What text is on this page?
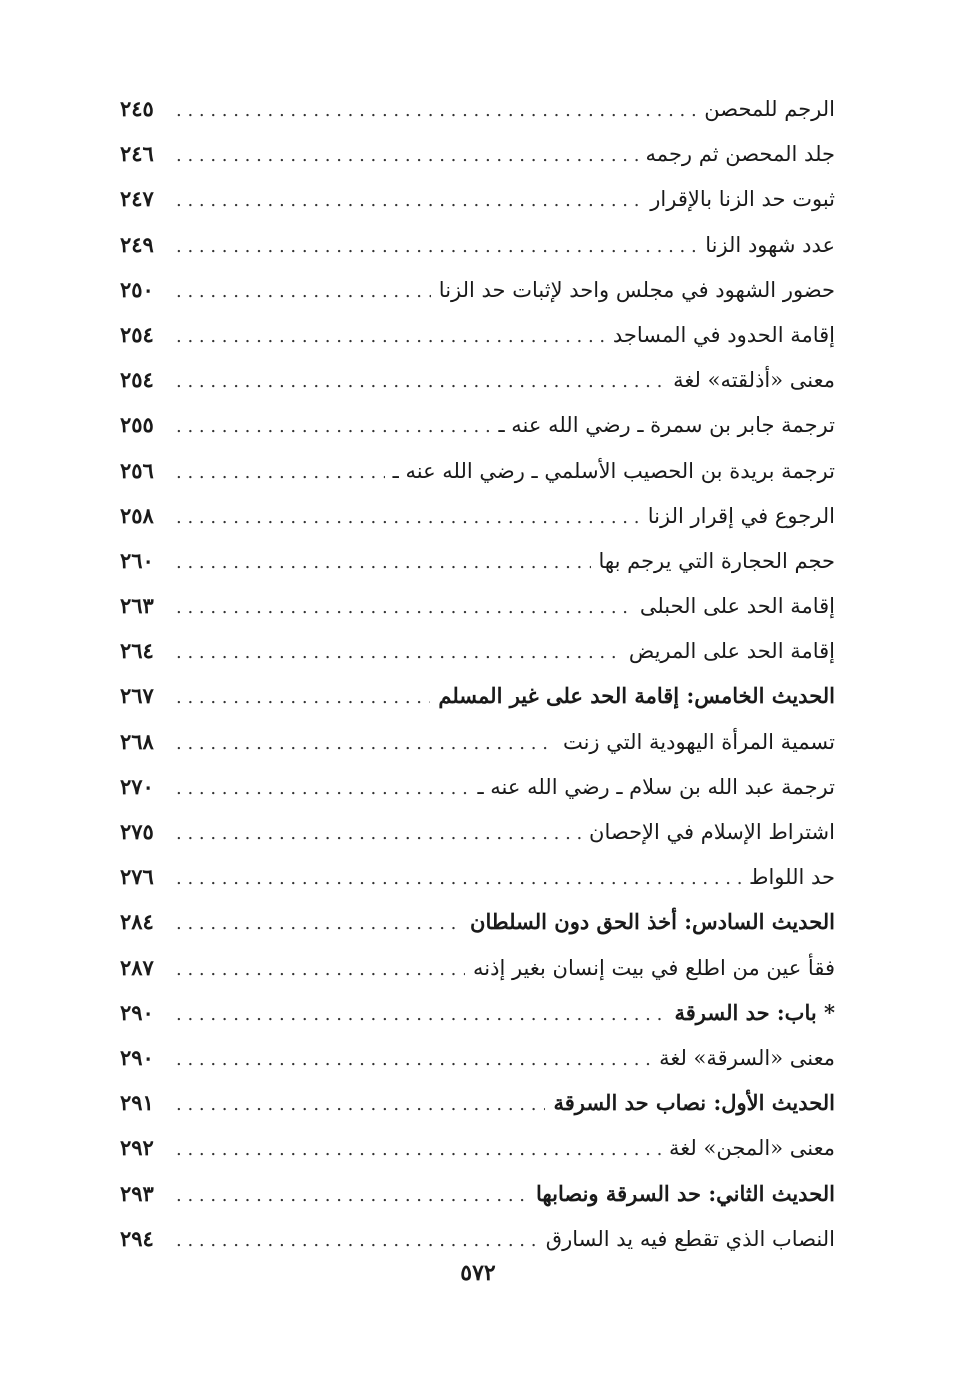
الرجم للمحصن
. . .
٢٤٥
جلد المحصن ثم رجمه
. . .
٢٤٦
ثبوت حد الزنا بالإقرار
. . .
٢٤٧
عدد شهود الزنا
. . .
٢٤٩
حضور الشهود في مجلس واحد لإثبات حد الزنا
. . .
٢٥٠
إقامة الحدود في المساجد
. . .
٢٥٤
معنى «أذلقته» لغة
. . .
٢٥٤
ترجمة جابر بن سمرة ـ رضي الله عنه ـ
. . .
٢٥٥
ترجمة بريدة بن الحصيب الأسلمي ـ رضي الله عنه ـ
. . .
٢٥٦
الرجوع في إقرار الزنا
. . .
٢٥٨
حجم الحجارة التي يرجم بها
. . .
٢٦٠
إقامة الحد على الحبلى
. . .
٢٦٣
إقامة الحد على المريض
. . .
٢٦٤
الحديث الخامس: إقامة الحد على غير المسلم
. . .
٢٦٧
تسمية المرأة اليهودية التي زنت
. . .
٢٦٨
ترجمة عبد الله بن سلام ـ رضي الله عنه ـ
. . .
٢٧٠
اشتراط الإسلام في الإحصان
. . .
٢٧٥
حد اللواط
. . .
٢٧٦
الحديث السادس: أخذ الحق دون السلطان
. . .
٢٨٤
فقأ عين من اطلع في بيت إنسان بغير إذنه
. . .
٢٨٧
* باب: حد السرقة
. . .
٢٩٠
معنى «السرقة» لغة
. . .
٢٩٠
الحديث الأول: نصاب حد السرقة
. . .
٢٩١
معنى «المجن» لغة
. . .
٢٩٢
الحديث الثاني: حد السرقة ونصابها
. . .
٢٩٣
النصاب الذي تقطع فيه يد السارق
. . .
٢٩٤
٥٧٢
